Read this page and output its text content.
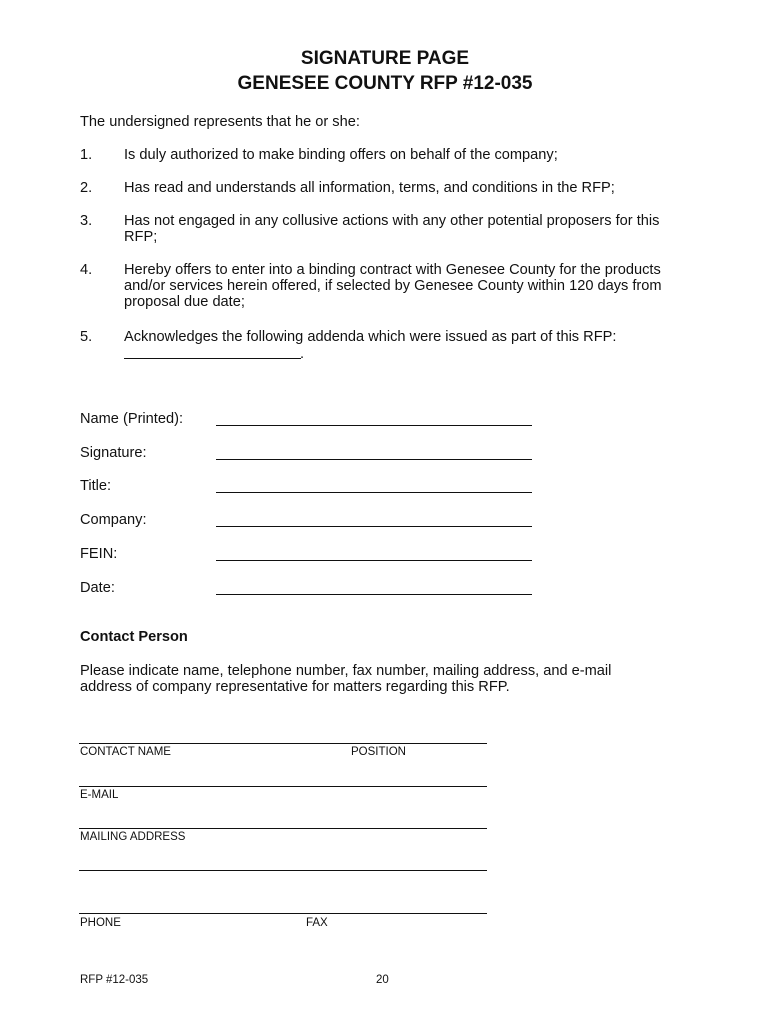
SIGNATURE PAGE
GENESEE COUNTY RFP #12-035
The undersigned represents that he or she:
1. Is duly authorized to make binding offers on behalf of the company;
2. Has read and understands all information, terms, and conditions in the RFP;
3. Has not engaged in any collusive actions with any other potential proposers for this RFP;
4. Hereby offers to enter into a binding contract with Genesee County for the products and/or services herein offered, if selected by Genesee County within 120 days from proposal due date;
5. Acknowledges the following addenda which were issued as part of this RFP:
.
Name (Printed):
Signature:
Title:
Company:
FEIN:
Date:
Contact Person
Please indicate name, telephone number, fax number, mailing address, and e-mail address of company representative for matters regarding this RFP.
CONTACT NAME	POSITION
E-MAIL
MAILING ADDRESS
PHONE	FAX
RFP #12-035	20
